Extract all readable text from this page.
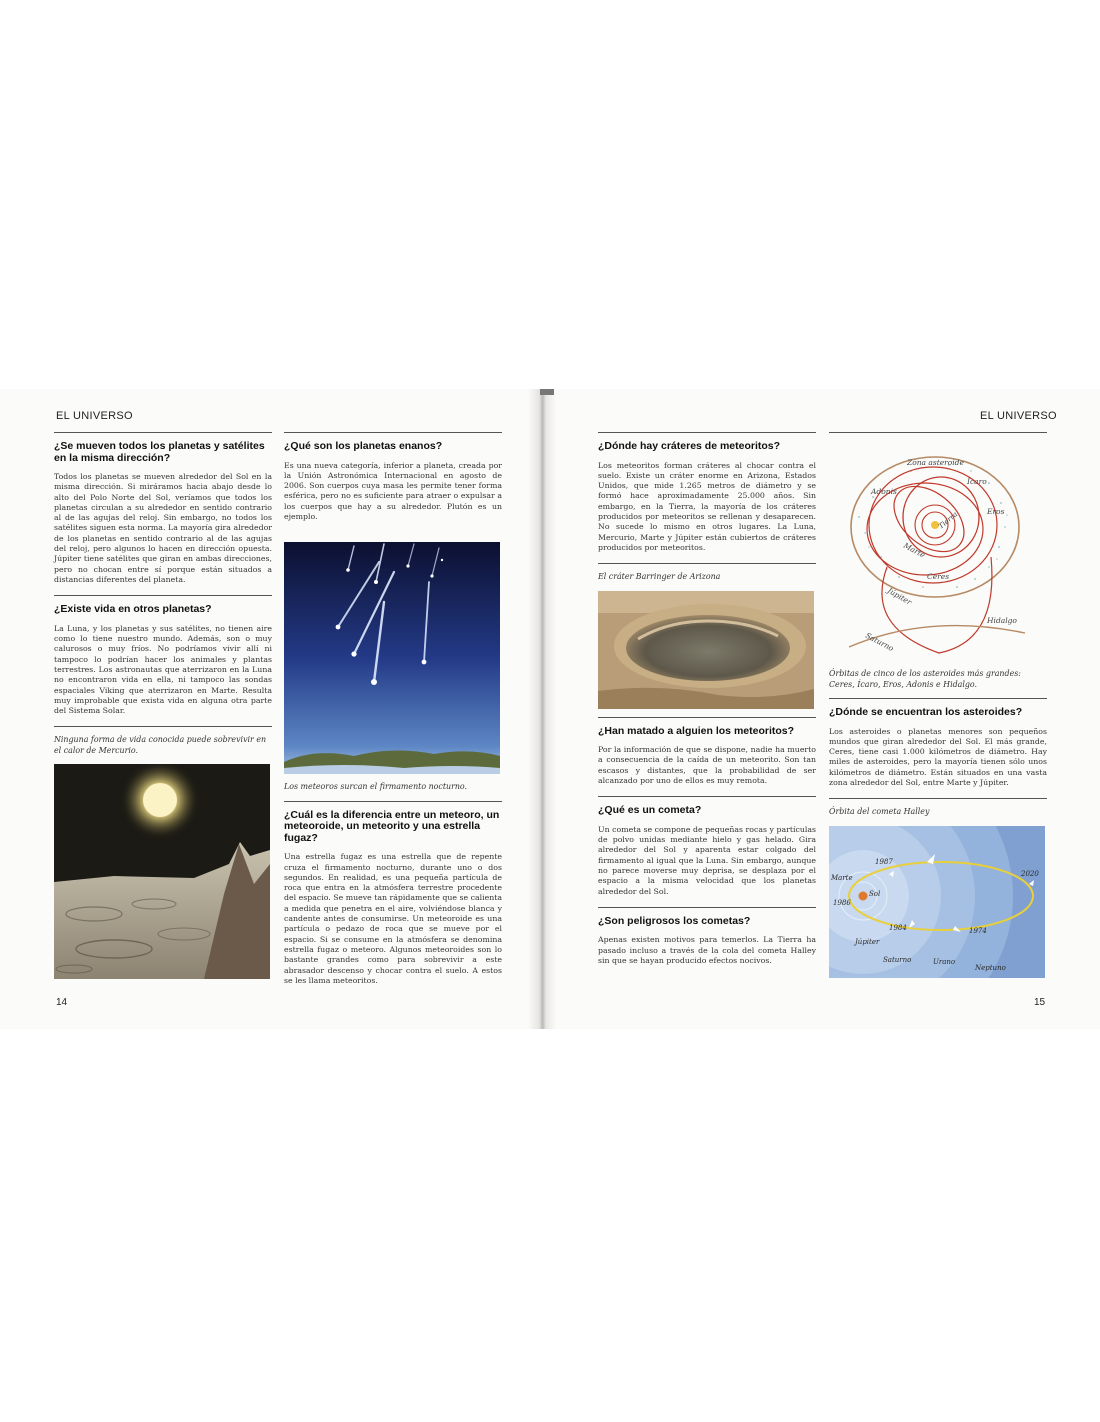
EL UNIVERSO	EL UNIVERSO
¿Se mueven todos los planetas y satélites en la misma dirección?
Todos los planetas se mueven alrededor del Sol en la misma dirección. Si miráramos hacia abajo desde lo alto del Polo Norte del Sol, veríamos que todos los planetas circulan a su alrededor en sentido contrario al de las agujas del reloj. Sin embargo, no todos los satélites siguen esta norma. La mayoría gira alrededor de los planetas en sentido contrario al de las agujas del reloj, pero algunos lo hacen en dirección opuesta. Júpiter tiene satélites que giran en ambas direcciones, pero no chocan entre sí porque están situados a distancias diferentes del planeta.
¿Existe vida en otros planetas?
La Luna, y los planetas y sus satélites, no tienen aire como lo tiene nuestro mundo. Además, son o muy calurosos o muy fríos. No podríamos vivir allí ni tampoco lo podrían hacer los animales y plantas terrestres. Los astronautas que aterrizaron en la Luna no encontraron vida en ella, ni tampoco las sondas espaciales Viking que aterrizaron en Marte. Resulta muy improbable que exista vida en alguna otra parte del Sistema Solar.
Ninguna forma de vida conocida puede sobrevivir en el calor de Mercurio.
¿Qué son los planetas enanos?
Es una nueva categoría, inferior a planeta, creada por la Unión Astronómica Internacional en agosto de 2006. Son cuerpos cuya masa les permite tener forma esférica, pero no es suficiente para atraer o expulsar a los cuerpos que hay a su alrededor. Plutón es un ejemplo.
Los meteoros surcan el firmamento nocturno.
¿Cuál es la diferencia entre un meteoro, un meteoroide, un meteorito y una estrella fugaz?
Una estrella fugaz es una estrella que de repente cruza el firmamento nocturno, durante uno o dos segundos. En realidad, es una pequeña partícula de roca que entra en la atmósfera terrestre procedente del espacio. Se mueve tan rápidamente que se calienta a medida que penetra en el aire, volviéndose blanca y candente antes de consumirse. Un meteoroide es una partícula o pedazo de roca que se mueve por el espacio. Si se consume en la atmósfera se denomina estrella fugaz o meteoro. Algunos meteoroides son lo bastante grandes como para sobrevivir a este abrasador descenso y chocar contra el suelo. A estos se les llama meteoritos.
14
¿Dónde hay cráteres de meteoritos?
Los meteoritos forman cráteres al chocar contra el suelo. Existe un cráter enorme en Arizona, Estados Unidos, que mide 1.265 metros de diámetro y se formó hace aproximadamente 25.000 años. Sin embargo, en la Tierra, la mayoría de los cráteres producidos por meteoritos se rellenan y desaparecen. No sucede lo mismo en otros lugares. La Luna, Mercurio, Marte y Júpiter están cubiertos de cráteres producidos por meteoritos.
El cráter Barringer de Arizona
¿Han matado a alguien los meteoritos?
Por la información de que se dispone, nadie ha muerto a consecuencia de la caída de un meteorito. Son tan escasos y distantes, que la probabilidad de ser alcanzado por uno de ellos es muy remota.
¿Qué es un cometa?
Un cometa se compone de pequeñas rocas y partículas de polvo unidas mediante hielo y gas helado. Gira alrededor del Sol y aparenta estar colgado del firmamento al igual que la Luna. Sin embargo, aunque no parece moverse muy deprisa, se desplaza por el espacio a la misma velocidad que los planetas alrededor del Sol.
¿Son peligrosos los cometas?
Apenas existen motivos para temerlos. La Tierra ha pasado incluso a través de la cola del cometa Halley sin que se hayan producido efectos nocivos.
Zona asteroide
Ícaro
Adonis
Eros
Tierra
Marte
Ceres
Júpiter
Hidalgo
Saturno
Órbitas de cinco de los asteroides más grandes: Ceres, Ícaro, Eros, Adonis e Hidalgo.
¿Dónde se encuentran los asteroides?
Los asteroides o planetas menores son pequeños mundos que giran alrededor del Sol. El más grande, Ceres, tiene casi 1.000 kilómetros de diámetro. Hay miles de asteroides, pero la mayoría tienen sólo unos kilómetros de diámetro. Están situados en una vasta zona alrededor del Sol, entre Marte y Júpiter.
Órbita del cometa Halley
1987
2020
1986
1984	1974
Marte
Sol
Júpiter
Saturno	Urano
Neptuno
15
